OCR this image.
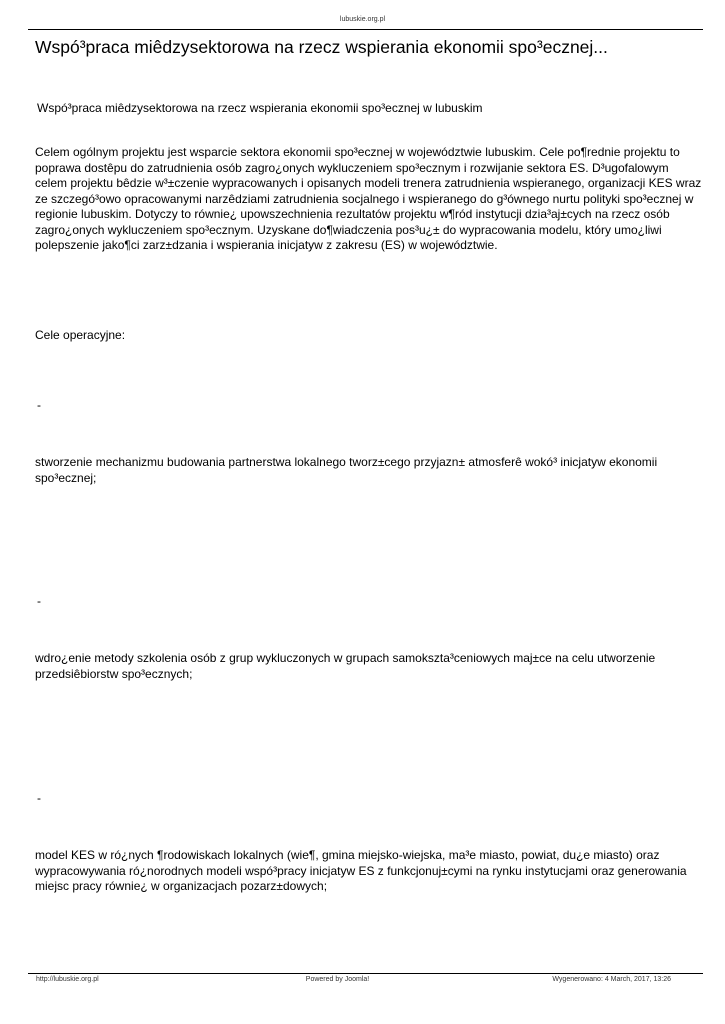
lubuskie.org.pl
Wspó³praca miêdzysektorowa na rzecz wspierania ekonomii spo³ecznej...

Wspó³praca miêdzysektorowa na rzecz wspierania ekonomii spo³ecznej w lubuskim

Celem ogólnym projektu jest wsparcie sektora ekonomii spo³ecznej w województwie lubuskim. Cele po¶rednie projektu to poprawa dostêpu do zatrudnienia osób zagro¿onych wykluczeniem spo³ecznym i rozwijanie sektora ES. D³ugofalowym celem projektu bêdzie w³±czenie wypracowanych i opisanych modeli trenera zatrudnienia wspieranego, organizacji KES wraz ze szczegó³owo opracowanymi narzêdziami zatrudnienia socjalnego i wspieranego do g³ównego nurtu polityki spo³ecznej w regionie lubuskim. Dotyczy to równie¿ upowszechnienia rezultatów projektu w¶ród instytucji dzia³aj±cych na rzecz osób zagro¿onych wykluczeniem spo³ecznym. Uzyskane do¶wiadczenia pos³u¿± do wypracowania modelu, który umo¿liwi polepszenie jako¶ci zarz±dzania i wspierania inicjatyw z zakresu (ES) w województwie.

Cele operacyjne:

-

stworzenie mechanizmu budowania partnerstwa lokalnego tworz±cego przyjazn± atmosferê wokó³ inicjatyw ekonomii spo³ecznej;

-

wdro¿enie metody szkolenia osób z grup wykluczonych w grupach samokszta³ceniowych maj±ce na celu utworzenie przedsiêbiorstw spo³ecznych;

-

model KES w ró¿nych ¶rodowiskach lokalnych (wie¶, gmina miejsko-wiejska, ma³e miasto, powiat, du¿e miasto) oraz wypracowywania ró¿norodnych modeli wspó³pracy inicjatyw ES z funkcjonuj±cymi na rynku instytucjami oraz generowania miejsc pracy równie¿ w organizacjach pozarz±dowych;

http://lubuskie.org.pl	Powered by Joomla!	Wygenerowano: 4 March, 2017, 13:26
